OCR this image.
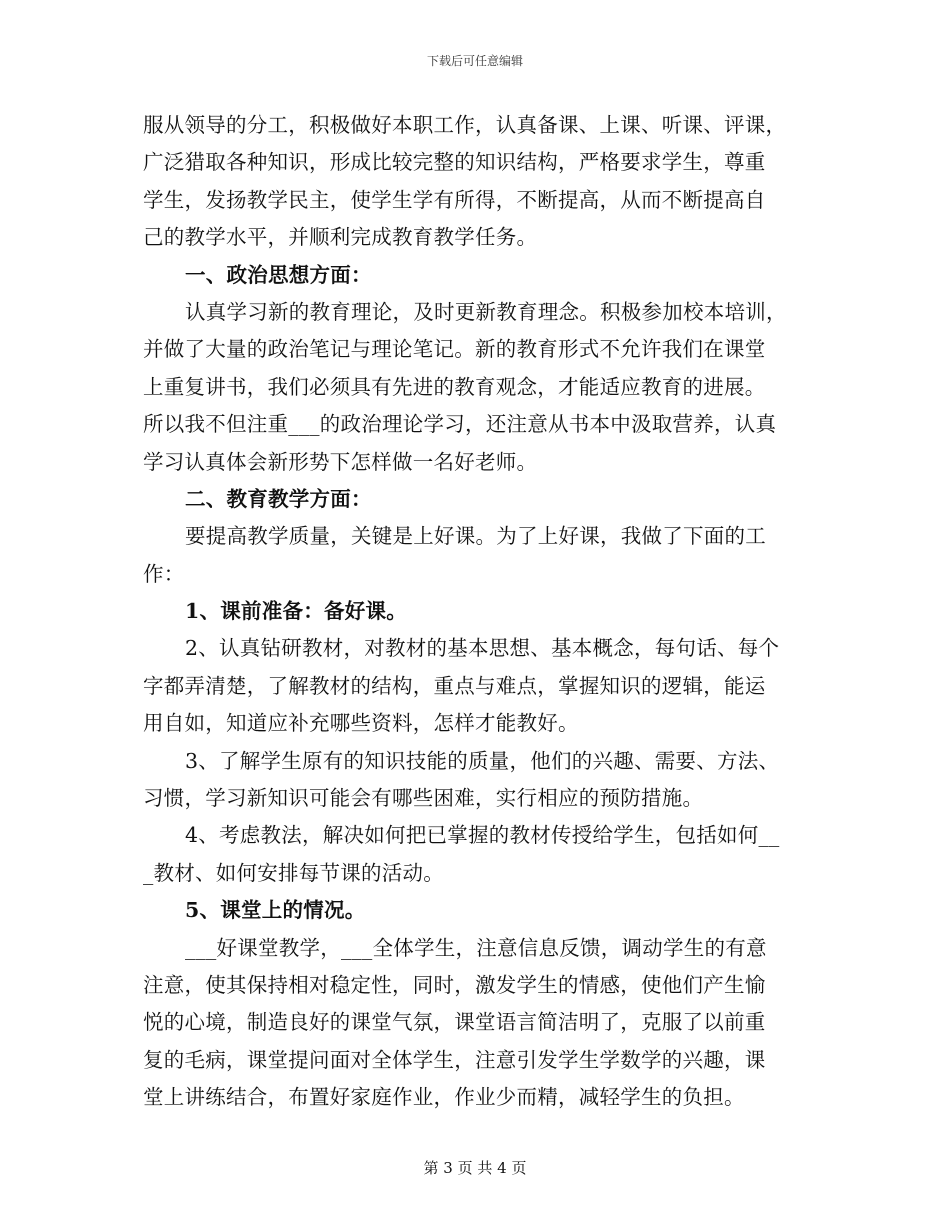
下载后可任意编辑
服从领导的分工，积极做好本职工作，认真备课、上课、听课、评课，
广泛猎取各种知识，形成比较完整的知识结构，严格要求学生，尊重
学生，发扬教学民主，使学生学有所得，不断提高，从而不断提高自
己的教学水平，并顺利完成教育教学任务。
一、政治思想方面：
认真学习新的教育理论，及时更新教育理念。积极参加校本培训，
并做了大量的政治笔记与理论笔记。新的教育形式不允许我们在课堂
上重复讲书，我们必须具有先进的教育观念，才能适应教育的进展。
所以我不但注重___的政治理论学习，还注意从书本中汲取营养，认真
学习认真体会新形势下怎样做一名好老师。
二、教育教学方面：
要提高教学质量，关键是上好课。为了上好课，我做了下面的工
作：
1、课前准备：备好课。
2、认真钻研教材，对教材的基本思想、基本概念，每句话、每个
字都弄清楚，了解教材的结构，重点与难点，掌握知识的逻辑，能运
用自如，知道应补充哪些资料，怎样才能教好。
3、了解学生原有的知识技能的质量，他们的兴趣、需要、方法、
习惯，学习新知识可能会有哪些困难，实行相应的预防措施。
4、考虑教法，解决如何把已掌握的教材传授给学生，包括如何__
_教材、如何安排每节课的活动。
5、课堂上的情况。
___好课堂教学，___全体学生，注意信息反馈，调动学生的有意
注意，使其保持相对稳定性，同时，激发学生的情感，使他们产生愉
悦的心境，制造良好的课堂气氛，课堂语言简洁明了，克服了以前重
复的毛病，课堂提问面对全体学生，注意引发学生学数学的兴趣，课
堂上讲练结合，布置好家庭作业，作业少而精，减轻学生的负担。
第 3 页 共 4 页
